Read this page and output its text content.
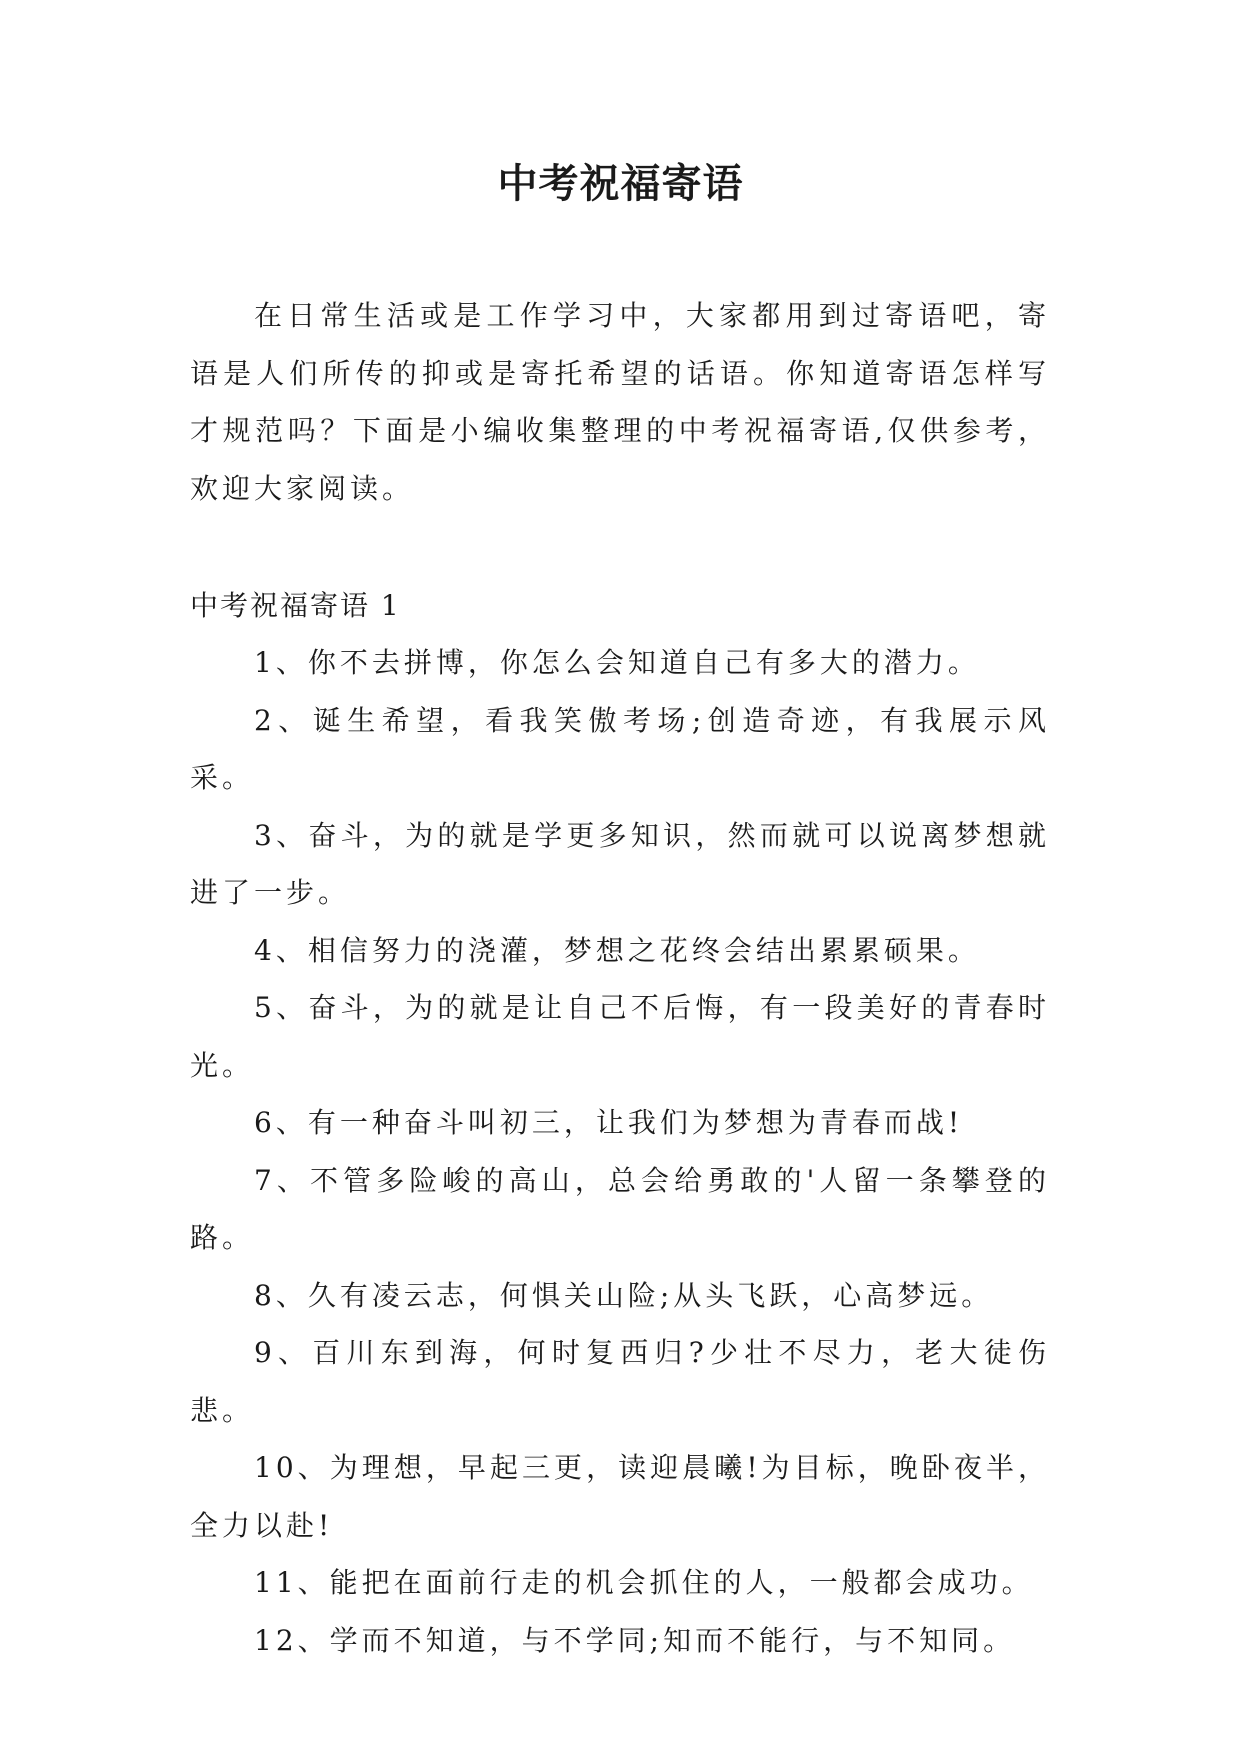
中考祝福寄语
在日常生活或是工作学习中，大家都用到过寄语吧，寄语是人们所传的抑或是寄托希望的话语。你知道寄语怎样写才规范吗？下面是小编收集整理的中考祝福寄语,仅供参考，欢迎大家阅读。
中考祝福寄语 1

1、你不去拼博，你怎么会知道自己有多大的潜力。

2、诞生希望，看我笑傲考场;创造奇迹，有我展示风采。

3、奋斗，为的就是学更多知识，然而就可以说离梦想就进了一步。

4、相信努力的浇灌，梦想之花终会结出累累硕果。

5、奋斗，为的就是让自己不后悔，有一段美好的青春时光。

6、有一种奋斗叫初三，让我们为梦想为青春而战!

7、不管多险峻的高山，总会给勇敢的'人留一条攀登的路。

8、久有凌云志，何惧关山险;从头飞跃，心高梦远。

9、百川东到海，何时复西归?少壮不尽力，老大徒伤悲。

10、为理想，早起三更，读迎晨曦!为目标，晚卧夜半，全力以赴!

11、能把在面前行走的机会抓住的人，一般都会成功。

12、学而不知道，与不学同;知而不能行，与不知同。
